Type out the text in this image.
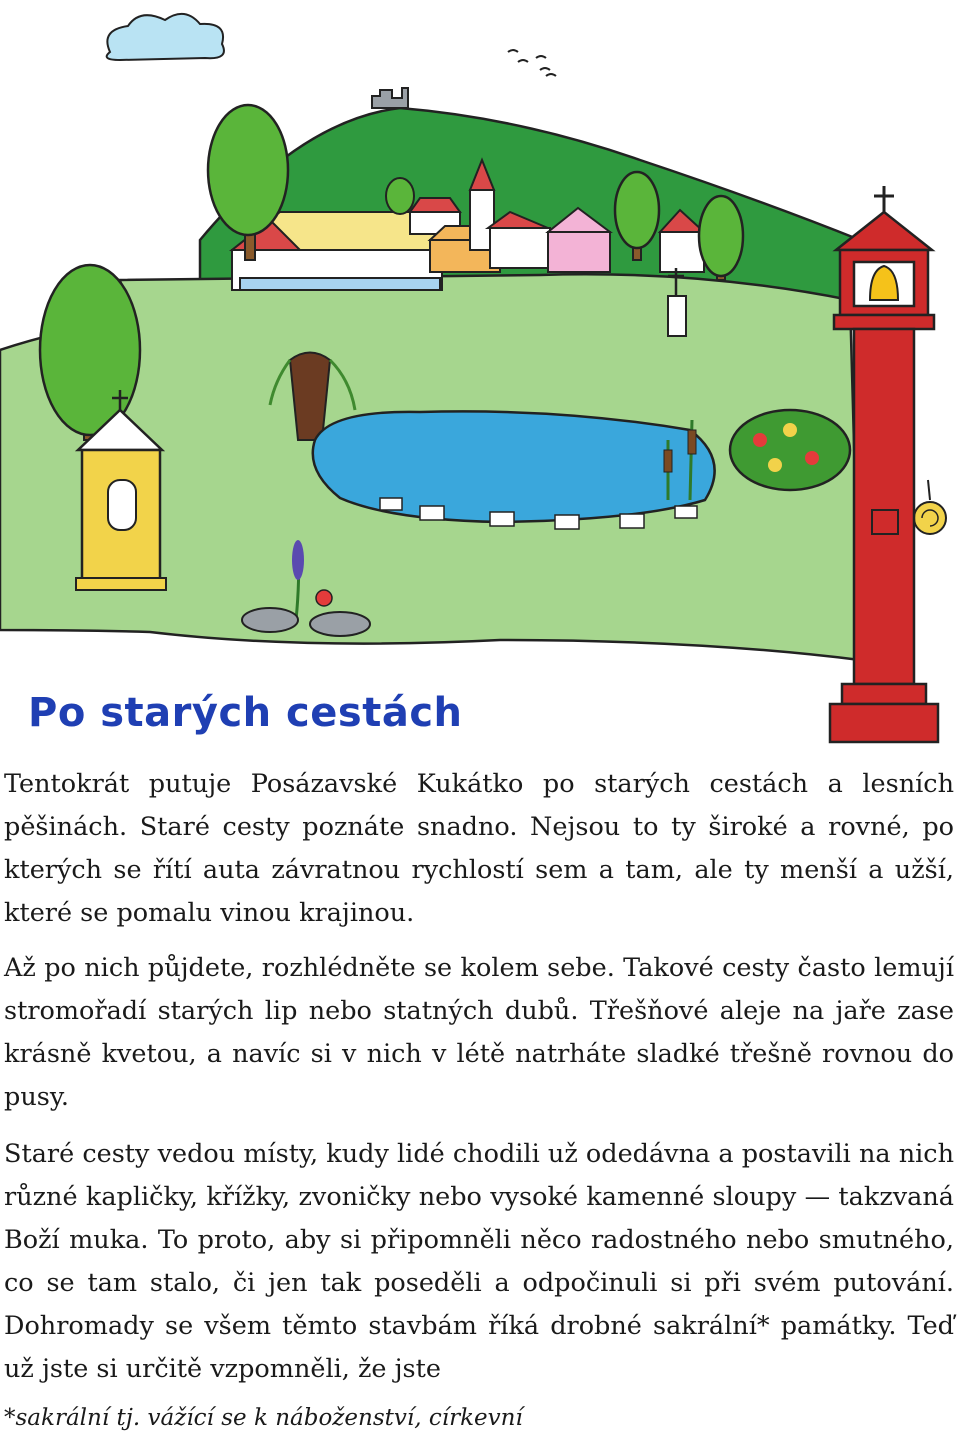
Po starých cestách

Tentokrát putuje Posázavské Kukátko po starých cestách a lesních pěšinách. Staré cesty poznáte snadno. Nejsou to ty široké a rovné, po kterých se řítí auta závratnou rychlostí sem a tam, ale ty menší a užší, které se pomalu vinou krajinou.

Až po nich půjdete, rozhlédněte se kolem sebe. Takové cesty často lemují stromořadí starých lip nebo statných dubů. Třešňové aleje na jaře zase krásně kvetou, a navíc si v nich v létě natrháte sladké třešně rovnou do pusy.

Staré cesty vedou místy, kudy lidé chodili už odedávna a postavili na nich různé kapličky, křížky, zvoničky nebo vysoké kamenné sloupy — takzvaná Boží muka. To proto, aby si připomněli něco radostného nebo smutného, co se tam stalo, či jen tak poseděli a odpočinuli si při svém putování. Dohromady se všem těmto stavbám říká drobné sakrální* památky. Teď už jste si určitě vzpomněli, že jste

*sakrální tj. vážící se k náboženství, církevní
